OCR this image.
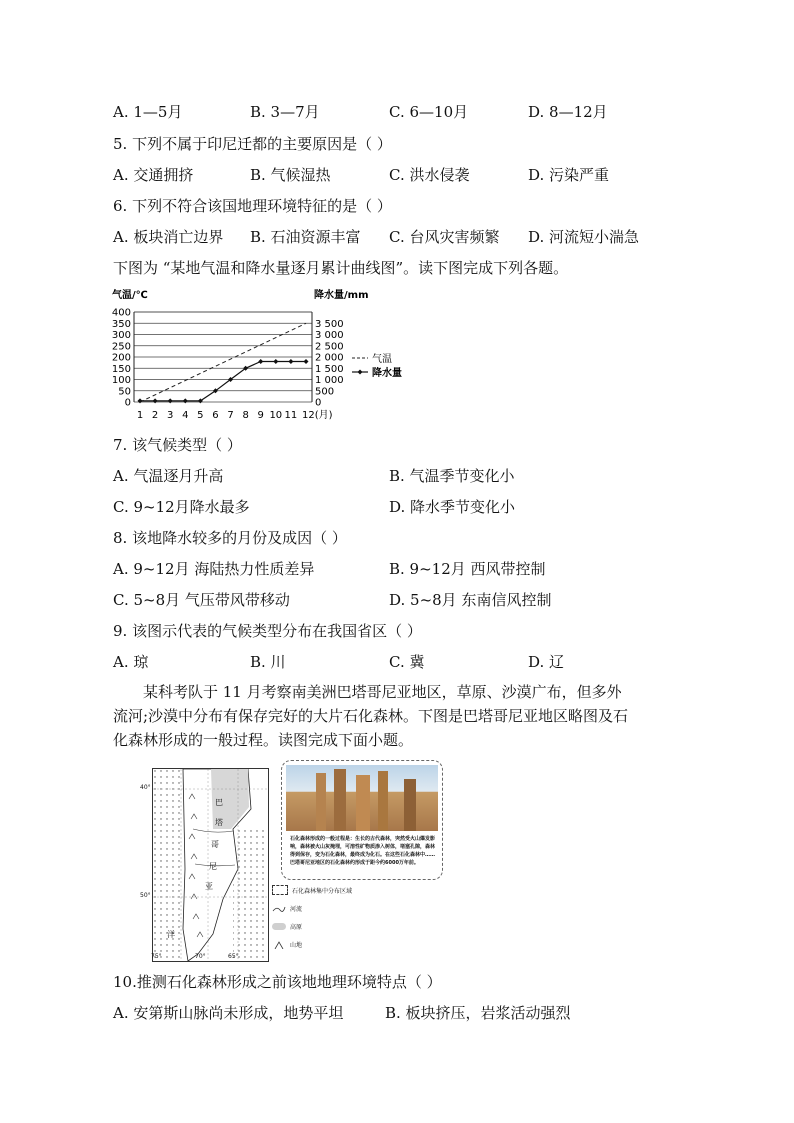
A. 1—5月	B. 3—7月	C. 6—10月	D. 8—12月
5. 下列不属于印尼迁都的主要原因是（ ）
A. 交通拥挤	B. 气候湿热	C. 洪水侵袭	D. 污染严重
6. 下列不符合该国地理环境特征的是（ ）
A. 板块消亡边界 B. 石油资源丰富 C. 台风灾害频繁 D. 河流短小湍急
下图为 “某地气温和降水量逐月累计曲线图”。读下图完成下列各题。
气温/℃	降水量/mm
0
50
100
150
200
250
300
350
400
0
500
1 000
1 500
2 000
2 500
3 000
3 500
1 2 3 4 5 6 7 8 9 10 11 12(月)
气温
降水量
7. 该气候类型（ ）
A. 气温逐月升高	B. 气温季节变化小
C. 9~12月降水最多	D. 降水季节变化小
8. 该地降水较多的月份及成因（ ）
A. 9~12月 海陆热力性质差异	B. 9~12月 西风带控制
C. 5~8月 气压带风带移动	D. 5~8月 东南信风控制
9. 该图示代表的气候类型分布在我国省区（ ）
A. 琼	B. 川	C. 冀	D. 辽
某科考队于 11 月考察南美洲巴塔哥尼亚地区，草原、沙漠广布，但多外流河;沙漠中分布有保存完好的大片石化森林。下图是巴塔哥尼亚地区略图及石化森林形成的一般过程。读图完成下面小题。
40°
50°
75°	70°	65°
巴
塔
哥
尼
亚
洋
石化森林形成的一般过程是：生长的古代森林，突然受火山爆发影响，森林被火山灰掩埋，可溶性矿物质渗入树体，堵塞孔隙，森林得到保存，变为石化森林，最终成为化石。在这些石化森林中……巴塔哥尼亚地区的石化森林约形成于距今约6000万年前。
石化森林集中分布区域
河流
高原
山地
10.推测石化森林形成之前该地地理环境特点（ ）
A. 安第斯山脉尚未形成，地势平坦	B. 板块挤压，岩浆活动强烈
